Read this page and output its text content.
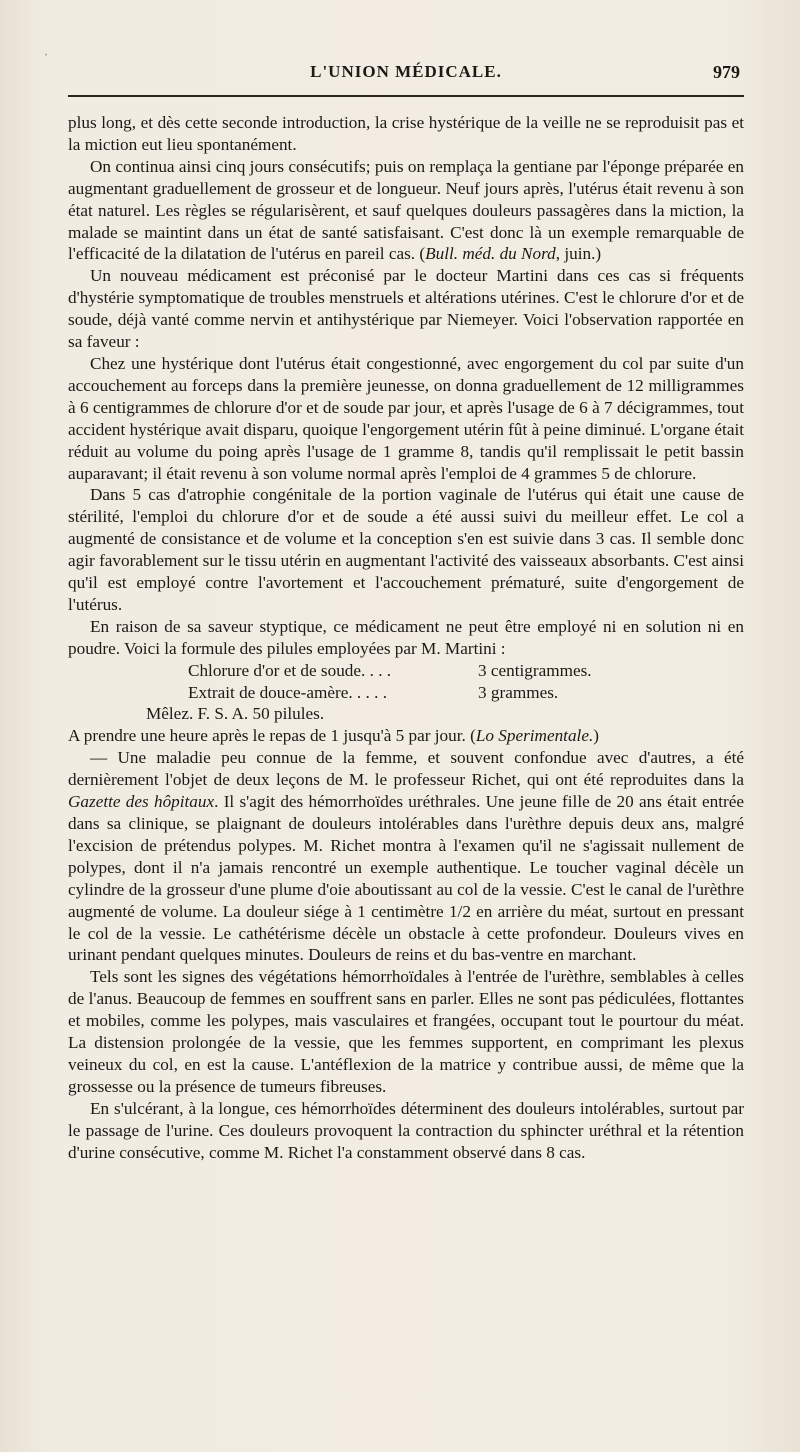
ˌ
L'UNION MÉDICALE.	979

plus long, et dès cette seconde introduction, la crise hystérique de la veille ne se reproduisit pas et la miction eut lieu spontanément.

On continua ainsi cinq jours consécutifs; puis on remplaça la gentiane par l'éponge préparée en augmentant graduellement de grosseur et de longueur. Neuf jours après, l'utérus était revenu à son état naturel. Les règles se régularisèrent, et sauf quelques douleurs passagères dans la miction, la malade se maintint dans un état de santé satisfaisant. C'est donc là un exemple remarquable de l'efficacité de la dilatation de l'utérus en pareil cas. (Bull. méd. du Nord, juin.)

Un nouveau médicament est préconisé par le docteur Martini dans ces cas si fréquents d'hystérie symptomatique de troubles menstruels et altérations utérines. C'est le chlorure d'or et de soude, déjà vanté comme nervin et antihystérique par Niemeyer. Voici l'observation rapportée en sa faveur :

Chez une hystérique dont l'utérus était congestionné, avec engorgement du col par suite d'un accouchement au forceps dans la première jeunesse, on donna graduellement de 12 milligrammes à 6 centigrammes de chlorure d'or et de soude par jour, et après l'usage de 6 à 7 décigrammes, tout accident hystérique avait disparu, quoique l'engorgement utérin fût à peine diminué. L'organe était réduit au volume du poing après l'usage de 1 gramme 8, tandis qu'il remplissait le petit bassin auparavant; il était revenu à son volume normal après l'emploi de 4 grammes 5 de chlorure.

Dans 5 cas d'atrophie congénitale de la portion vaginale de l'utérus qui était une cause de stérilité, l'emploi du chlorure d'or et de soude a été aussi suivi du meilleur effet. Le col a augmenté de consistance et de volume et la conception s'en est suivie dans 3 cas. Il semble donc agir favorablement sur le tissu utérin en augmentant l'activité des vaisseaux absorbants. C'est ainsi qu'il est employé contre l'avortement et l'accouchement prématuré, suite d'engorgement de l'utérus.

En raison de sa saveur styptique, ce médicament ne peut être employé ni en solution ni en poudre. Voici la formule des pilules employées par M. Martini :

Chlorure d'or et de soude. . . .	3 centigrammes.
Extrait de douce-amère. . . . .	3 grammes.
Mêlez. F. S. A. 50 pilules.

A prendre une heure après le repas de 1 jusqu'à 5 par jour. (Lo Sperimentale.)

— Une maladie peu connue de la femme, et souvent confondue avec d'autres, a été dernièrement l'objet de deux leçons de M. le professeur Richet, qui ont été reproduites dans la Gazette des hôpitaux. Il s'agit des hémorrhoïdes uréthrales. Une jeune fille de 20 ans était entrée dans sa clinique, se plaignant de douleurs intolérables dans l'urèthre depuis deux ans, malgré l'excision de prétendus polypes. M. Richet montra à l'examen qu'il ne s'agissait nullement de polypes, dont il n'a jamais rencontré un exemple authentique. Le toucher vaginal décèle un cylindre de la grosseur d'une plume d'oie aboutissant au col de la vessie. C'est le canal de l'urèthre augmenté de volume. La douleur siége à 1 centimètre 1/2 en arrière du méat, surtout en pressant le col de la vessie. Le cathétérisme décèle un obstacle à cette profondeur. Douleurs vives en urinant pendant quelques minutes. Douleurs de reins et du bas-ventre en marchant.

Tels sont les signes des végétations hémorrhoïdales à l'entrée de l'urèthre, semblables à celles de l'anus. Beaucoup de femmes en souffrent sans en parler. Elles ne sont pas pédiculées, flottantes et mobiles, comme les polypes, mais vasculaires et frangées, occupant tout le pourtour du méat. La distension prolongée de la vessie, que les femmes supportent, en comprimant les plexus veineux du col, en est la cause. L'antéflexion de la matrice y contribue aussi, de même que la grossesse ou la présence de tumeurs fibreuses.

En s'ulcérant, à la longue, ces hémorrhoïdes déterminent des douleurs intolérables, surtout par le passage de l'urine. Ces douleurs provoquent la contraction du sphincter uréthral et la rétention d'urine consécutive, comme M. Richet l'a constamment observé dans 8 cas.
